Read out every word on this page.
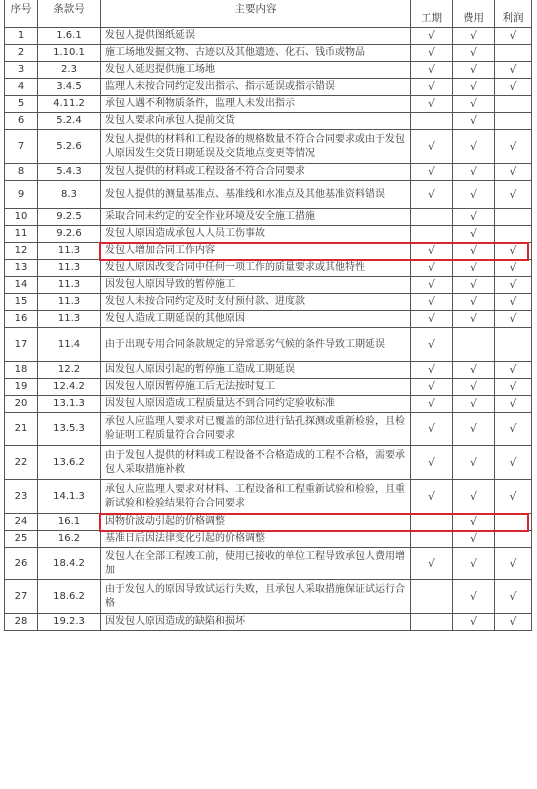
序号	条款号	主要内容	工期	费用	利润
1	1.6.1	发包人提供图纸延误	√	√	√
2	1.10.1	施工场地发掘文物、古迹以及其他遗迹、化石、钱币或物品	√	√	
3	2.3	发包人延迟提供施工场地	√	√	√
4	3.4.5	监理人未按合同约定发出指示、指示延误或指示错误	√	√	√
5	4.11.2	承包人遇不利物质条件，监理人未发出指示	√	√	
6	5.2.4	发包人要求向承包人提前交货		√	
7	5.2.6	发包人提供的材料和工程设备的规格数量不符合合同要求或由于发包人原因发生交货日期延误及交货地点变更等情况	√	√	√
8	5.4.3	发包人提供的材料或工程设备不符合合同要求	√	√	√
9	8.3	发包人提供的测量基准点、基准线和水准点及其他基准资料错误	√	√	√
10	9.2.5	采取合同未约定的安全作业环境及安全施工措施		√	
11	9.2.6	发包人原因造成承包人人员工伤事故		√	
12	11.3	发包人增加合同工作内容	√	√	√
13	11.3	发包人原因改变合同中任何一项工作的质量要求或其他特性	√	√	√
14	11.3	因发包人原因导致的暂停施工	√	√	√
15	11.3	发包人未按合同约定及时支付预付款、进度款	√	√	√
16	11.3	发包人造成工期延误的其他原因	√	√	√
17	11.4	由于出现专用合同条款规定的异常恶劣气候的条件导致工期延误	√		
18	12.2	因发包人原因引起的暂停施工造成工期延误	√	√	√
19	12.4.2	因发包人原因暂停施工后无法按时复工	√	√	√
20	13.1.3	因发包人原因造成工程质量达不到合同约定验收标准	√	√	√
21	13.5.3	承包人应监理人要求对已覆盖的部位进行钻孔探测或重新检验，且检验证明工程质量符合合同要求	√	√	√
22	13.6.2	由于发包人提供的材料或工程设备不合格造成的工程不合格，需要承包人采取措施补救	√	√	√
23	14.1.3	承包人应监理人要求对材料、工程设备和工程重新试验和检验，且重新试验和检验结果符合合同要求	√	√	√
24	16.1	因物价波动引起的价格调整		√	
25	16.2	基准日后因法律变化引起的价格调整		√	
26	18.4.2	发包人在全部工程竣工前，使用已接收的单位工程导致承包人费用增加	√	√	√
27	18.6.2	由于发包人的原因导致试运行失败，且承包人采取措施保证试运行合格		√	√
28	19.2.3	因发包人原因造成的缺陷和损坏		√	√
